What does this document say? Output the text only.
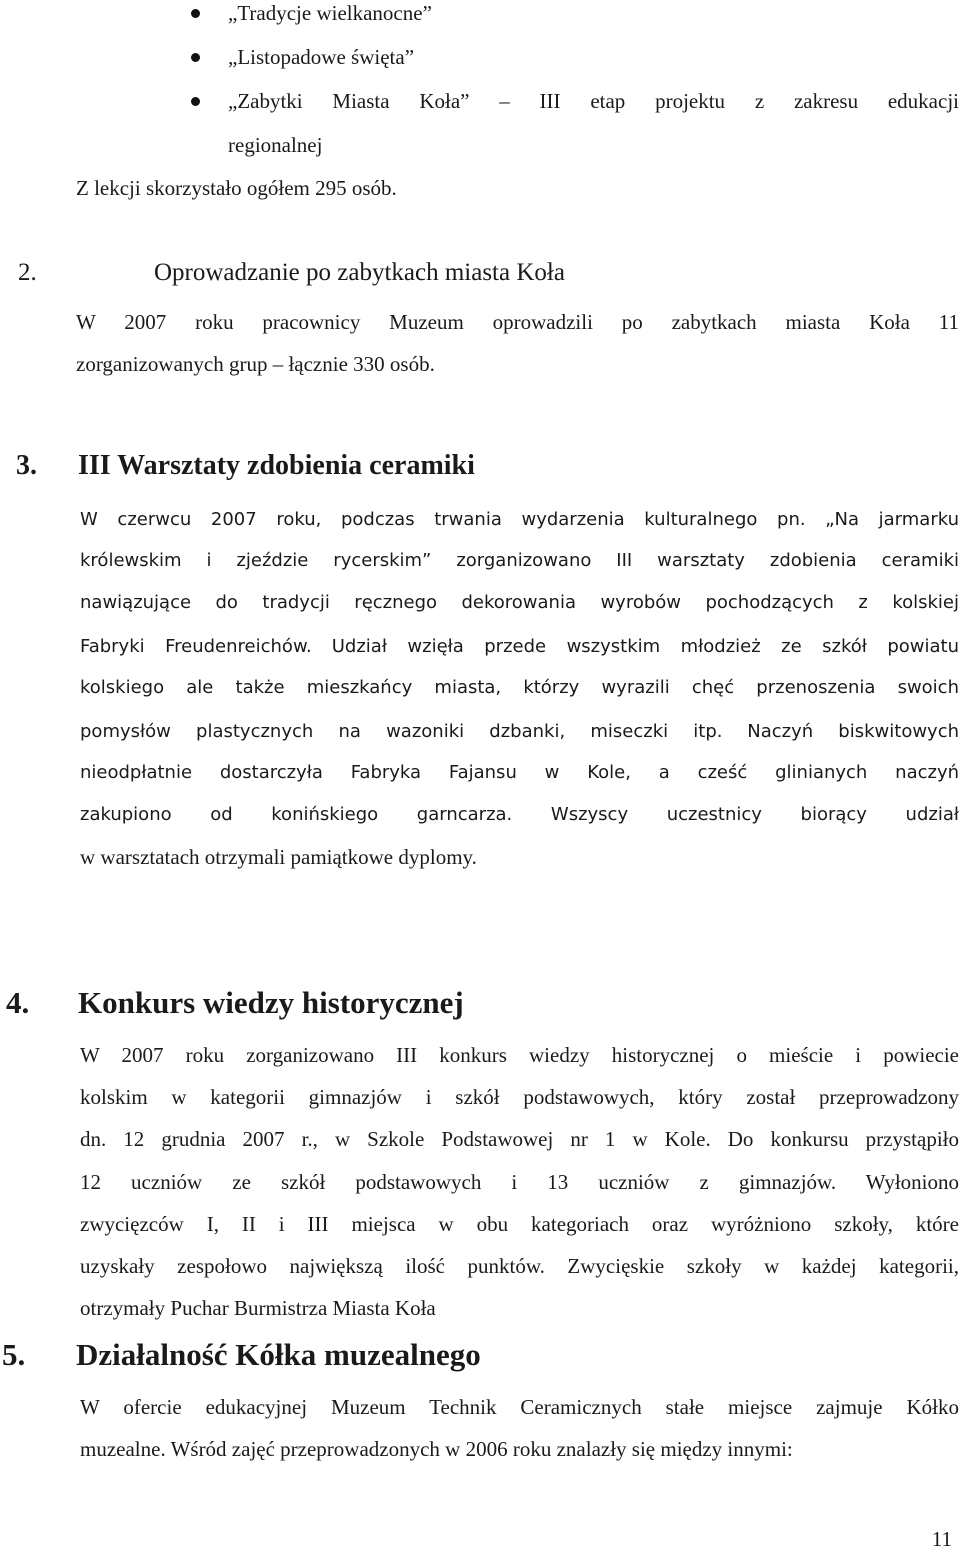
„Tradycje wielkanocne”
„Listopadowe święta”
„Zabytki Miasta Koła” – III etap projektu z zakresu edukacji
regionalnej
Z lekcji skorzystało ogółem 295 osób.
2.	Oprowadzanie po zabytkach miasta Koła
W 2007 roku pracownicy Muzeum oprowadzili po zabytkach miasta Koła 11
zorganizowanych grup – łącznie 330 osób.
3. III Warsztaty zdobienia ceramiki
W czerwcu 2007 roku, podczas trwania wydarzenia kulturalnego pn. „Na jarmarku
królewskim i zjeździe rycerskim” zorganizowano III warsztaty zdobienia ceramiki
nawiązujące do tradycji ręcznego dekorowania wyrobów pochodzących z kolskiej
Fabryki Freudenreichów. Udział wzięła przede wszystkim młodzież ze szkół powiatu
kolskiego ale także mieszkańcy miasta, którzy wyrazili chęć przenoszenia swoich
pomysłów plastycznych na wazoniki dzbanki, miseczki itp. Naczyń biskwitowych
nieodpłatnie dostarczyła Fabryka Fajansu w Kole, a cześć glinianych naczyń
zakupiono od konińskiego garncarza. Wszyscy uczestnicy biorący udział
w warsztatach otrzymali pamiątkowe dyplomy.
4. Konkurs wiedzy historycznej
W 2007 roku zorganizowano III konkurs wiedzy historycznej o mieście i powiecie
kolskim w kategorii gimnazjów i szkół podstawowych, który został przeprowadzony
dn. 12 grudnia 2007 r., w Szkole Podstawowej nr 1 w Kole. Do konkursu przystąpiło
12 uczniów ze szkół podstawowych i 13 uczniów z gimnazjów. Wyłoniono
zwycięzców I, II i III miejsca w obu kategoriach oraz wyróżniono szkoły, które
uzyskały zespołowo największą ilość punktów. Zwycięskie szkoły w każdej kategorii,
otrzymały Puchar Burmistrza Miasta Koła
5. Działalność Kółka muzealnego
W ofercie edukacyjnej Muzeum Technik Ceramicznych stałe miejsce zajmuje Kółko
muzealne. Wśród zajęć przeprowadzonych w 2006 roku znalazły się między innymi:
11
